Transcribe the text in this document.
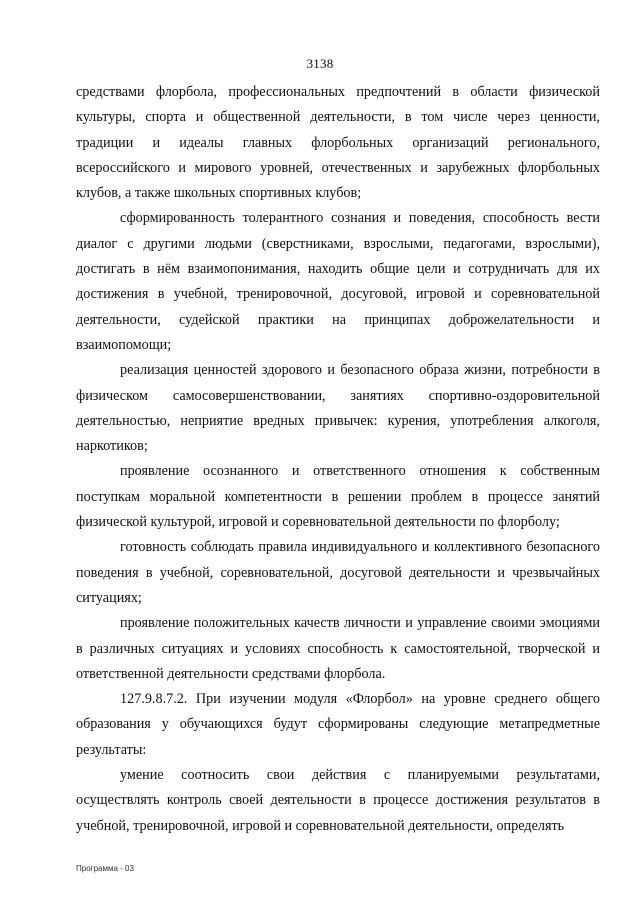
3138

средствами флорбола, профессиональных предпочтений в области физической культуры, спорта и общественной деятельности, в том числе через ценности, традиции и идеалы главных флорбольных организаций регионального, всероссийского и мирового уровней, отечественных и зарубежных флорбольных клубов, а также школьных спортивных клубов;

сформированность толерантного сознания и поведения, способность вести диалог с другими людьми (сверстниками, взрослыми, педагогами, взрослыми), достигать в нём взаимопонимания, находить общие цели и сотрудничать для их достижения в учебной, тренировочной, досуговой, игровой и соревновательной деятельности, судейской практики на принципах доброжелательности и взаимопомощи;

реализация ценностей здорового и безопасного образа жизни, потребности в физическом самосовершенствовании, занятиях спортивно-оздоровительной деятельностью, неприятие вредных привычек: курения, употребления алкоголя, наркотиков;

проявление осознанного и ответственного отношения к собственным поступкам моральной компетентности в решении проблем в процессе занятий физической культурой, игровой и соревновательной деятельности по флорболу;

готовность соблюдать правила индивидуального и коллективного безопасного поведения в учебной, соревновательной, досуговой деятельности и чрезвычайных ситуациях;

проявление положительных качеств личности и управление своими эмоциями в различных ситуациях и условиях способность к самостоятельной, творческой и ответственной деятельности средствами флорбола.

127.9.8.7.2. При изучении модуля «Флорбол» на уровне среднего общего образования у обучающихся будут сформированы следующие метапредметные результаты:

умение соотносить свои действия с планируемыми результатами, осуществлять контроль своей деятельности в процессе достижения результатов в учебной, тренировочной, игровой и соревновательной деятельности, определять

Программа - 03
